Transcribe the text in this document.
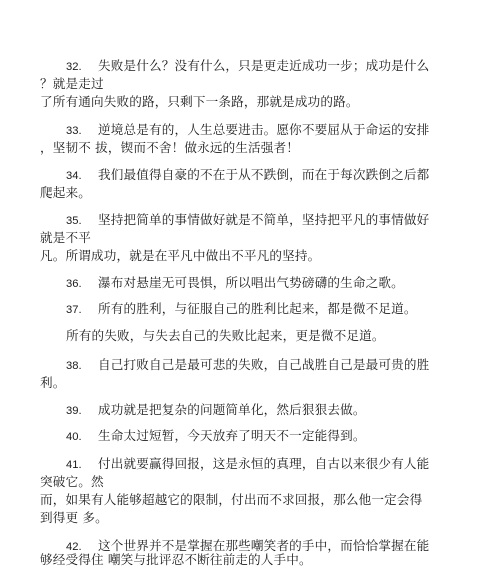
32. 失败是什么？没有什么，只是更走近成功一步；成功是什么
？就是走过
了所有通向失败的路，只剩下一条路，那就是成功的路。
33. 逆境总是有的，人生总要进击。愿你不要屈从于命运的安排
，坚韧不 拔，锲而不舍！做永远的生活强者！
34. 我们最值得自豪的不在于从不跌倒，而在于每次跌倒之后都
爬起来。
35. 坚持把简单的事情做好就是不简单，坚持把平凡的事情做好
就是不平
凡。所谓成功，就是在平凡中做出不平凡的坚持。
36. 瀑布对悬崖无可畏惧，所以唱出气势磅礴的生命之歌。
37. 所有的胜利，与征服自己的胜利比起来，都是微不足道。
所有的失败，与失去自己的失败比起来，更是微不足道。
38. 自己打败自己是最可悲的失败，自己战胜自己是最可贵的胜
利。
39. 成功就是把复杂的问题简单化，然后狠狠去做。
40. 生命太过短暂，今天放弃了明天不一定能得到。
41. 付出就要赢得回报，这是永恒的真理，自古以来很少有人能
突破它。然
而，如果有人能够超越它的限制，付出而不求回报，那么他一定会得
到得更 多。
42. 这个世界并不是掌握在那些嘲笑者的手中，而恰恰掌握在能
够经受得住 嘲笑与批评忍不断往前走的人手中。
